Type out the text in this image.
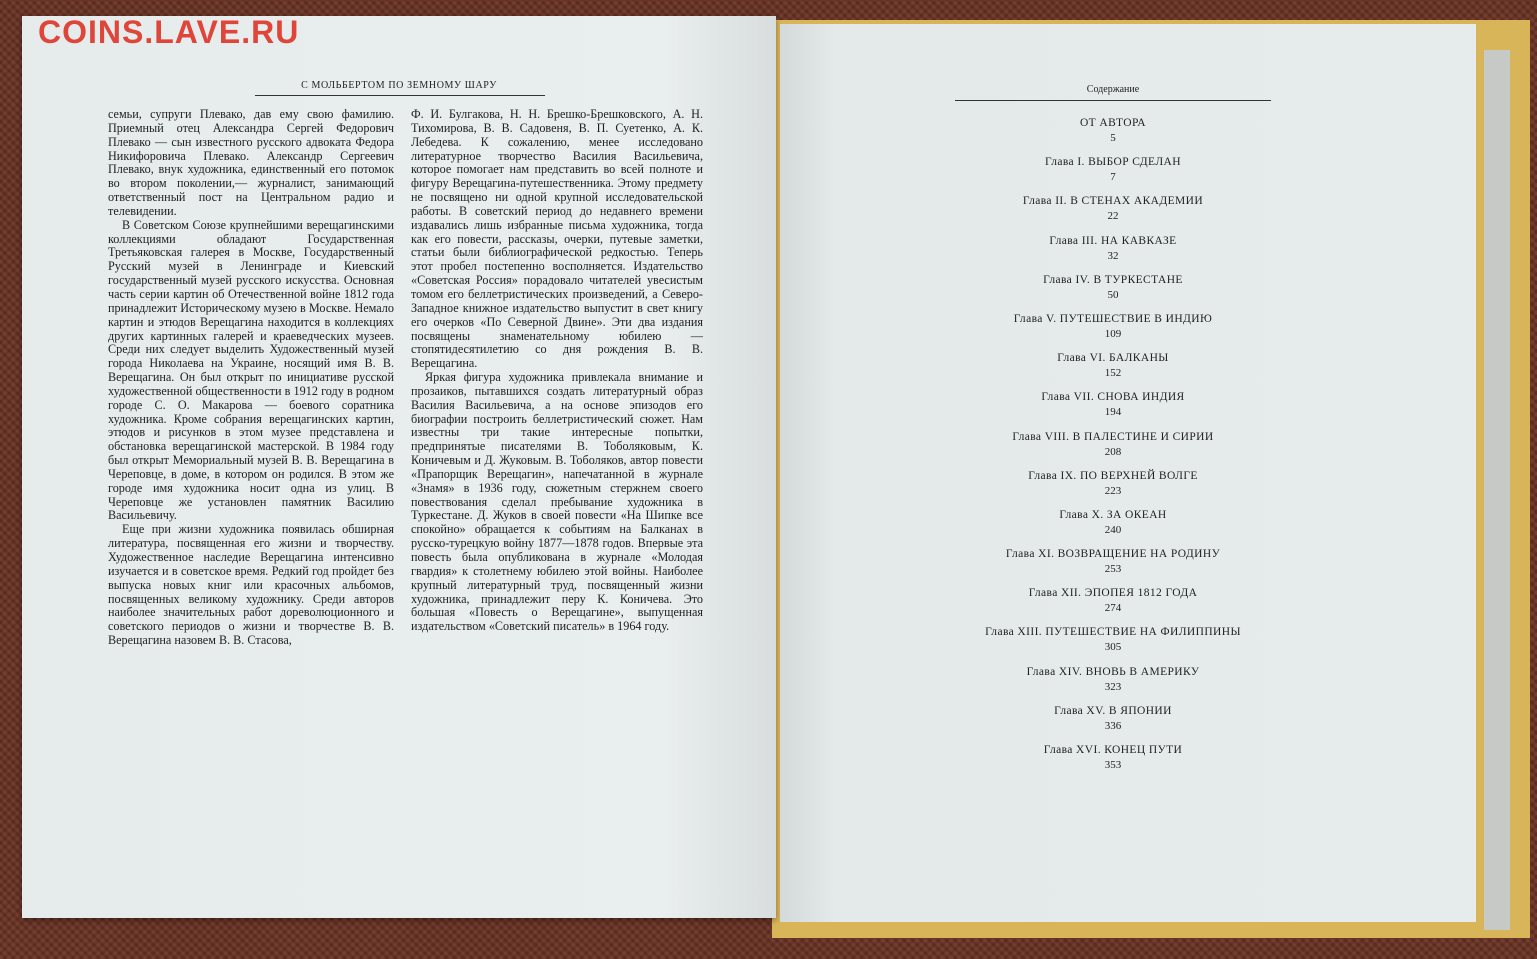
COINS.LAVE.RU
С МОЛЬБЕРТОМ ПО ЗЕМНОМУ ШАРУ

семьи, супруги Плевако, дав ему свою фамилию. Приемный отец Александра Сергей Федорович Плевако — сын известного русского адвоката Федора Никифоровича Плевако. Александр Сергеевич Плевако, внук художника, единственный его потомок во втором поколении,— журналист, занимающий ответственный пост на Центральном радио и телевидении.

В Советском Союзе крупнейшими верещагинскими коллекциями обладают Государственная Третьяковская галерея в Москве, Государственный Русский музей в Ленинграде и Киевский государственный музей русского искусства. Основная часть серии картин об Отечественной войне 1812 года принадлежит Историческому музею в Москве. Немало картин и этюдов Верещагина находится в коллекциях других картинных галерей и краеведческих музеев. Среди них следует выделить Художественный музей города Николаева на Украине, носящий имя В. В. Верещагина. Он был открыт по инициативе русской художественной общественности в 1912 году в родном городе С. О. Макарова — боевого соратника художника. Кроме собрания верещагинских картин, этюдов и рисунков в этом музее представлена и обстановка верещагинской мастерской. В 1984 году был открыт Мемориальный музей В. В. Верещагина в Череповце, в доме, в котором он родился. В этом же городе имя художника носит одна из улиц. В Череповце же установлен памятник Василию Васильевичу.

Еще при жизни художника появилась обширная литература, посвященная его жизни и творчеству. Художественное наследие Верещагина интенсивно изучается и в советское время. Редкий год пройдет без выпуска новых книг или красочных альбомов, посвященных великому художнику. Среди авторов наиболее значительных работ дореволюционного и советского периодов о жизни и творчестве В. В. Верещагина назовем В. В. Стасова,

Ф. И. Булгакова, Н. Н. Брешко-Брешковского, А. Н. Тихомирова, В. В. Садовеня, В. П. Суетенко, А. К. Лебедева. К сожалению, менее исследовано литературное творчество Василия Васильевича, которое помогает нам представить во всей полноте и фигуру Верещагина-путешественника. Этому предмету не посвящено ни одной крупной исследовательской работы. В советский период до недавнего времени издавались лишь избранные письма художника, тогда как его повести, рассказы, очерки, путевые заметки, статьи были библиографической редкостью. Теперь этот пробел постепенно восполняется. Издательство «Советская Россия» порадовало читателей увесистым томом его беллетристических произведений, а Северо-Западное книжное издательство выпустит в свет книгу его очерков «По Северной Двине». Эти два издания посвящены знаменательному юбилею — стопятидесятилетию со дня рождения В. В. Верещагина.

Яркая фигура художника привлекала внимание и прозаиков, пытавшихся создать литературный образ Василия Васильевича, а на основе эпизодов его биографии построить беллетристический сюжет. Нам известны три такие интересные попытки, предпринятые писателями В. Тоболяковым, К. Коничевым и Д. Жуковым. В. Тоболяков, автор повести «Прапорщик Верещагин», напечатанной в журнале «Знамя» в 1936 году, сюжетным стержнем своего повествования сделал пребывание художника в Туркестане. Д. Жуков в своей повести «На Шипке все спокойно» обращается к событиям на Балканах в русско-турецкую войну 1877—1878 годов. Впервые эта повесть была опубликована в журнале «Молодая гвардия» к столетнему юбилею этой войны. Наиболее крупный литературный труд, посвященный жизни художника, принадлежит перу К. Коничева. Это большая «Повесть о Верещагине», выпущенная издательством «Советский писатель» в 1964 году.

Содержание
ОТ АВТОРА
5
Глава I. ВЫБОР СДЕЛАН
7
Глава II. В СТЕНАХ АКАДЕМИИ
22
Глава III. НА КАВКАЗЕ
32
Глава IV. В ТУРКЕСТАНЕ
50
Глава V. ПУТЕШЕСТВИЕ В ИНДИЮ
109
Глава VI. БАЛКАНЫ
152
Глава VII. СНОВА ИНДИЯ
194
Глава VIII. В ПАЛЕСТИНЕ И СИРИИ
208
Глава IX. ПО ВЕРХНЕЙ ВОЛГЕ
223
Глава X. ЗА ОКЕАН
240
Глава XI. ВОЗВРАЩЕНИЕ НА РОДИНУ
253
Глава XII. ЭПОПЕЯ 1812 ГОДА
274
Глава XIII. ПУТЕШЕСТВИЕ НА ФИЛИППИНЫ
305
Глава XIV. ВНОВЬ В АМЕРИКУ
323
Глава XV. В ЯПОНИИ
336
Глава XVI. КОНЕЦ ПУТИ
353
